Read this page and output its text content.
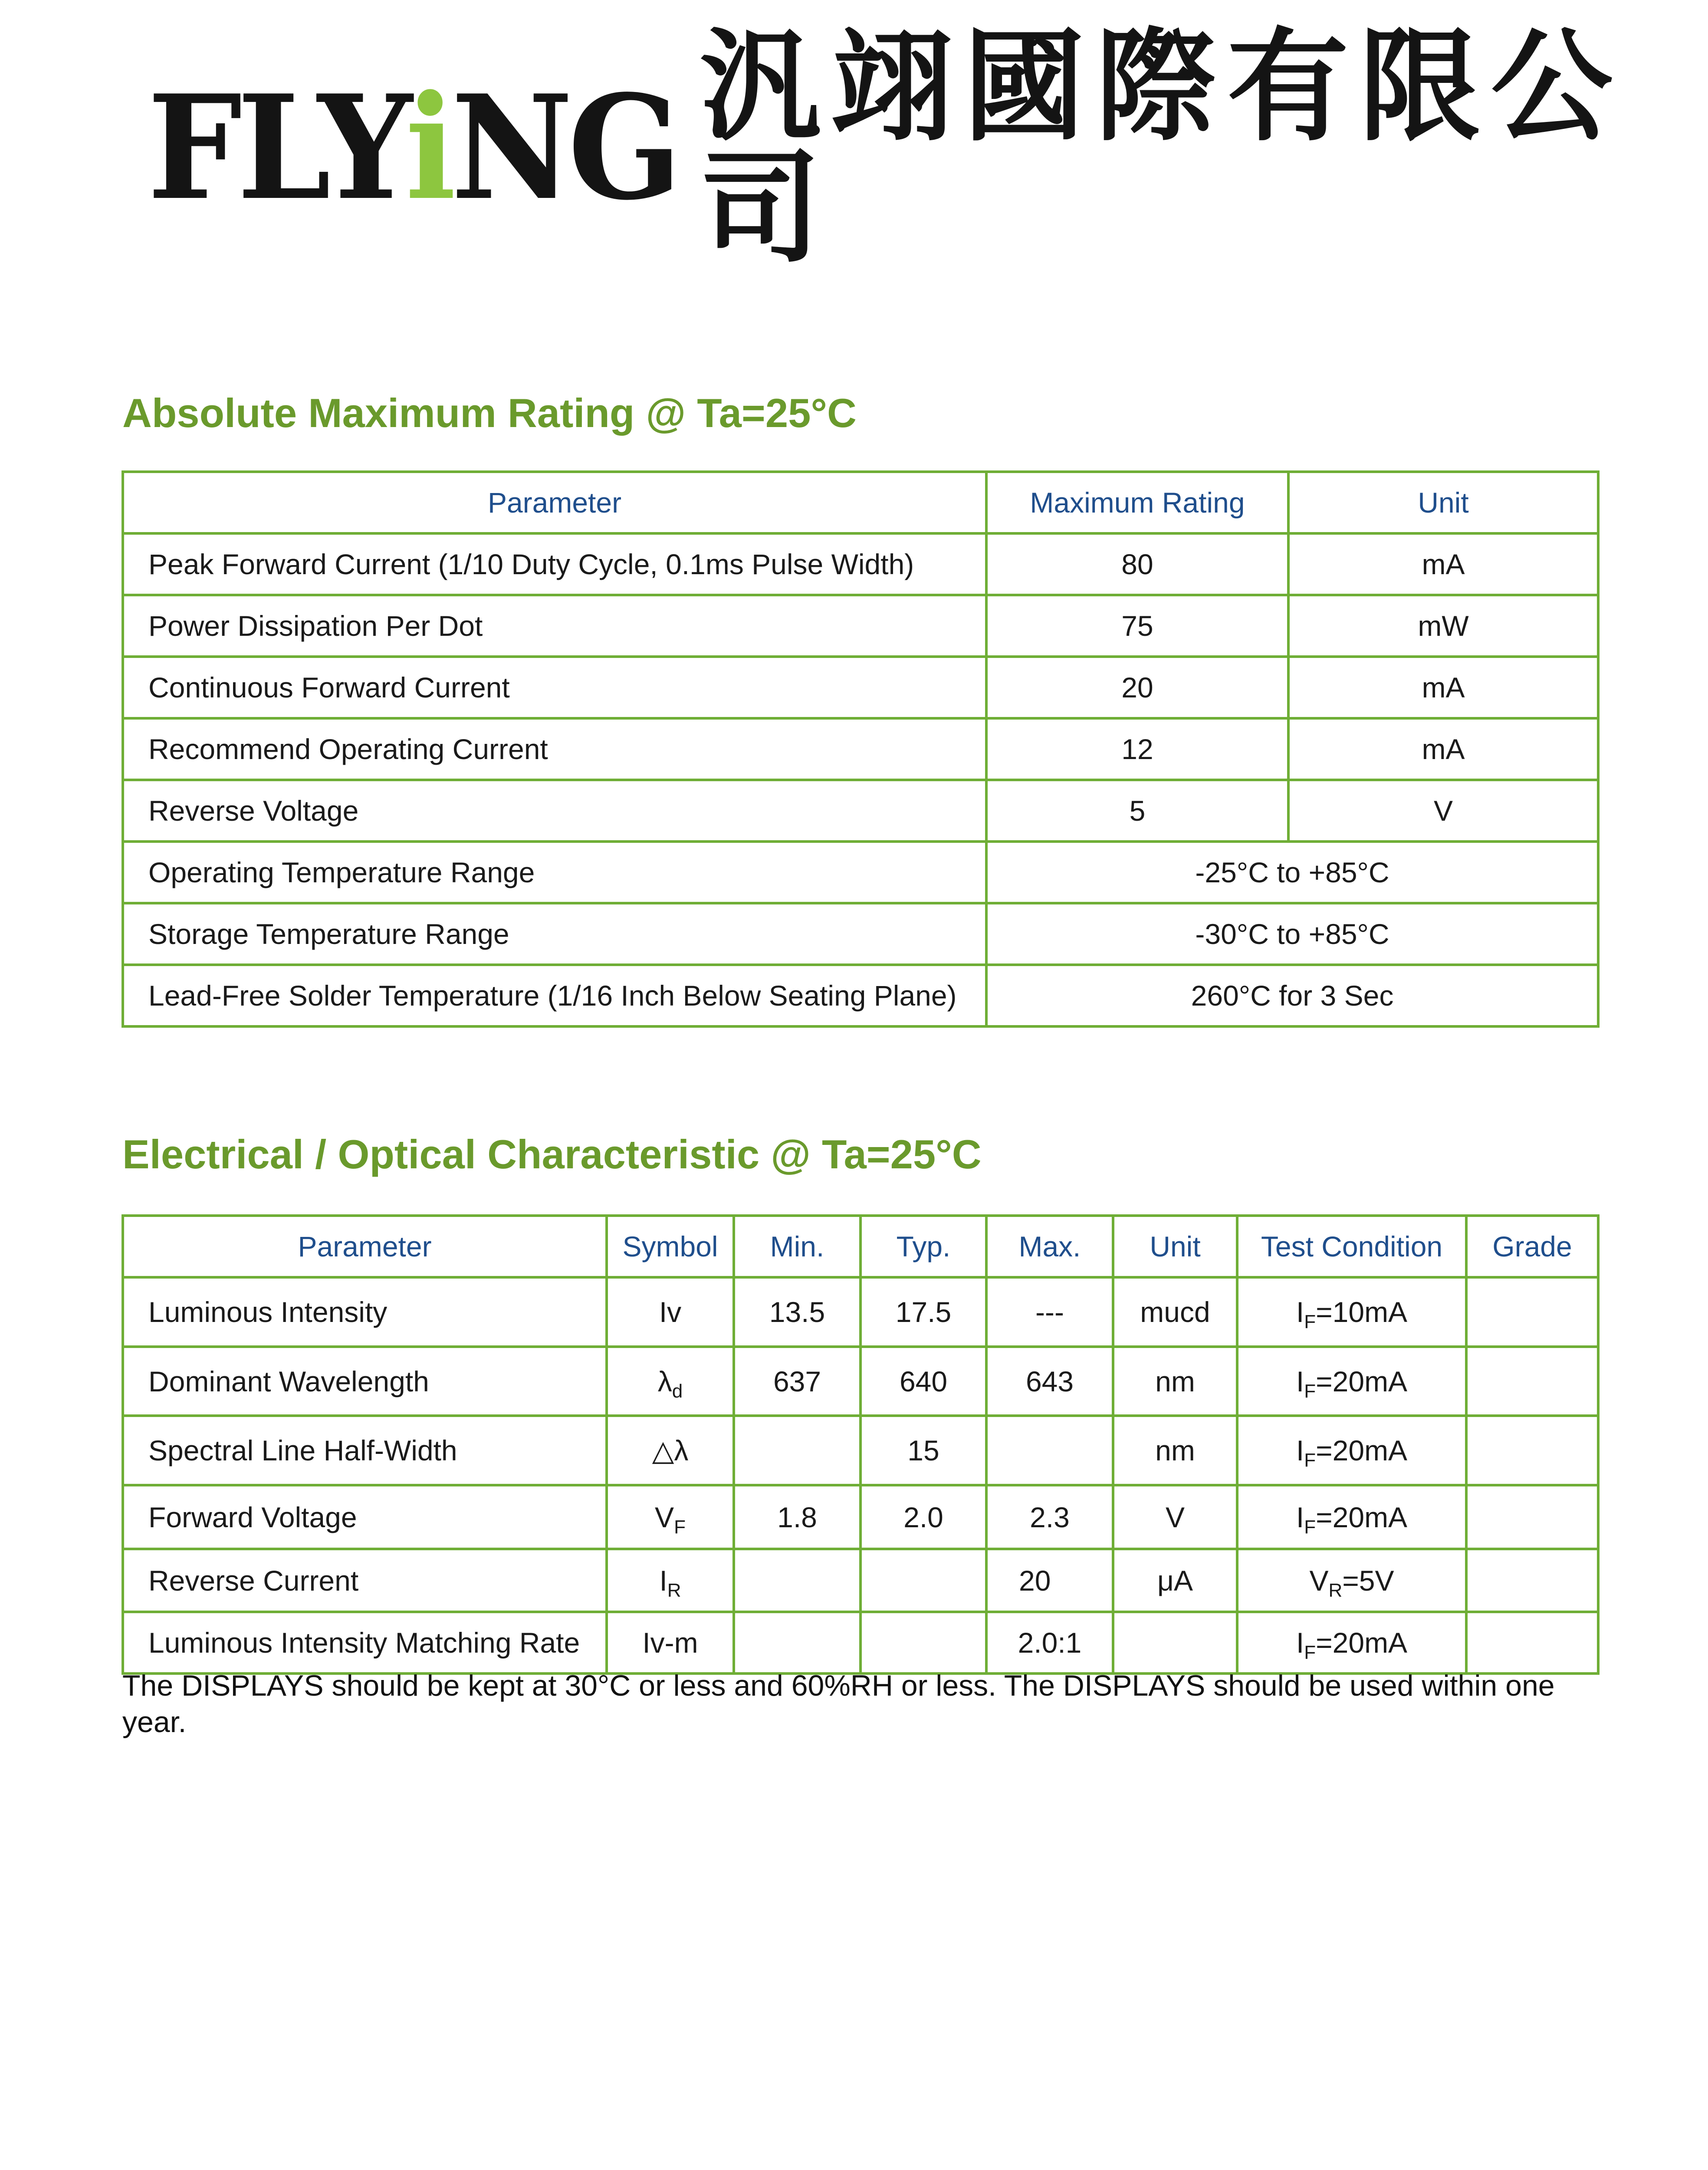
FLYiNG 汎翊國際有限公司
Absolute Maximum Rating @ Ta=25°C
Parameter	Maximum Rating	Unit
Peak Forward Current (1/10 Duty Cycle, 0.1ms Pulse Width)	80	mA
Power Dissipation Per Dot	75	mW
Continuous Forward Current	20	mA
Recommend Operating Current	12	mA
Reverse Voltage	5	V
Operating Temperature Range	-25°C to +85°C	
Storage Temperature Range	-30°C to +85°C	
Lead-Free Solder Temperature (1/16 Inch Below Seating Plane)	260°C for 3 Sec	
Electrical / Optical Characteristic @ Ta=25°C
Parameter	Symbol	Min.	Typ.	Max.	Unit	Test Condition	Grade
Luminous Intensity	Iv	13.5	17.5	---	mucd	$I_F=10mA$	
Dominant Wavelength	$\lambda_d$	637	640	643	nm	$I_F=20mA$	
Spectral Line Half-Width	△λ		15		nm	$I_F=20mA$	
Forward Voltage	$V_F$	1.8	2.0	2.3	V	$I_F=20mA$	
Reverse Current	$I_R$			20	μA	$V_R=5V$	
Luminous Intensity Matching Rate	Iv-m			2.0:1		$I_F=20mA$	

The DISPLAYS should be kept at 30°C or less and 60%RH or less. The DISPLAYS should be used within one year.
